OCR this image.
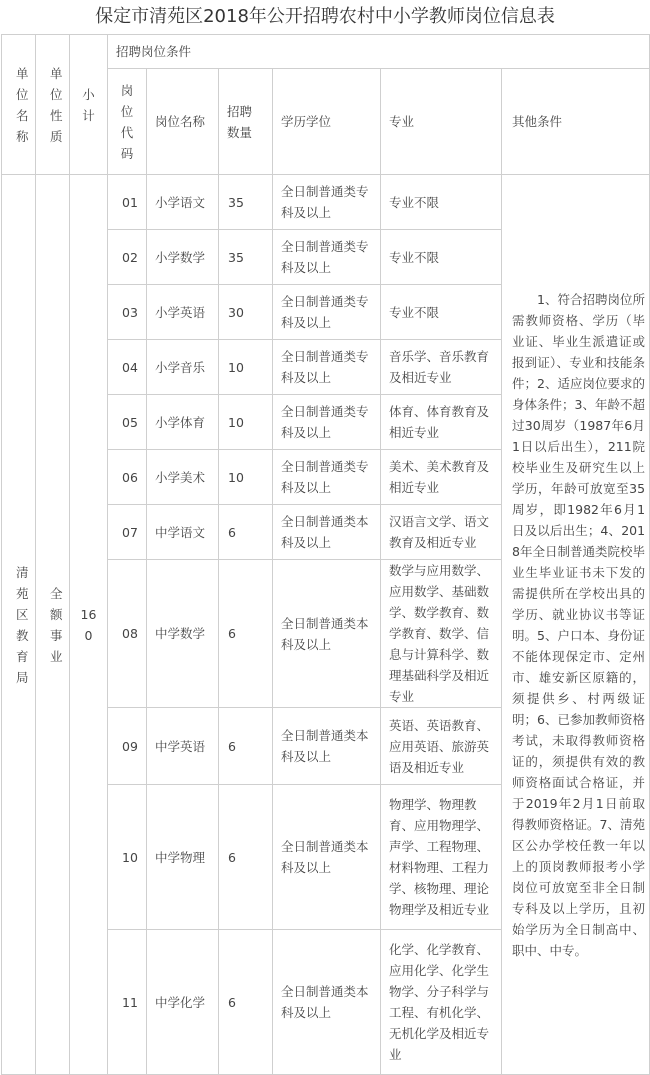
保定市清苑区2018年公开招聘农村中小学教师岗位信息表
单位名称	单位性质	小计	招聘岗位条件					
			岗位代码	岗位名称	招聘数量	学历学位	专业	其他条件
清苑区教育局	全额事业	160	01	小学语文	35	全日制普通类专科及以上	专业不限	1、符合招聘岗位所需教师资格、学历（毕业证、毕业生派遣证或报到证）、专业和技能条件；2、适应岗位要求的身体条件；3、年龄不超过30周岁（1987年6月1日以后出生），211院校毕业生及研究生以上学历，年龄可放宽至35周岁，即1982年6月1日及以后出生；4、2018年全日制普通类院校毕业生毕业证书未下发的需提供所在学校出具的学历、就业协议书等证明。5、户口本、身份证不能体现保定市、定州市、雄安新区原籍的，须提供乡、村两级证明；6、已参加教师资格考试，未取得教师资格证的，须提供有效的教师资格面试合格证，并于2019年2月1日前取得教师资格证。7、清苑区公办学校任教一年以上的顶岗教师报考小学岗位可放宽至非全日制专科及以上学历，且初始学历为全日制高中、职中、中专。
			02	小学数学	35	全日制普通类专科及以上	专业不限	
			03	小学英语	30	全日制普通类专科及以上	专业不限	
			04	小学音乐	10	全日制普通类专科及以上	音乐学、音乐教育及相近专业	
			05	小学体育	10	全日制普通类专科及以上	体育、体育教育及相近专业	
			06	小学美术	10	全日制普通类专科及以上	美术、美术教育及相近专业	
			07	中学语文	6	全日制普通类本科及以上	汉语言文学、语文教育及相近专业	
			08	中学数学	6	全日制普通类本科及以上	数学与应用数学、应用数学、基础数学、数学教育、数学教育、数学、信息与计算科学、数理基础科学及相近专业	
			09	中学英语	6	全日制普通类本科及以上	英语、英语教育、应用英语、旅游英语及相近专业	
			10	中学物理	6	全日制普通类本科及以上	物理学、物理教育、应用物理学、声学、工程物理、材料物理、工程力学、核物理、理论物理学及相近专业	
			11	中学化学	6	全日制普通类本科及以上	化学、化学教育、应用化学、化学生物学、分子科学与工程、有机化学、无机化学及相近专业	
